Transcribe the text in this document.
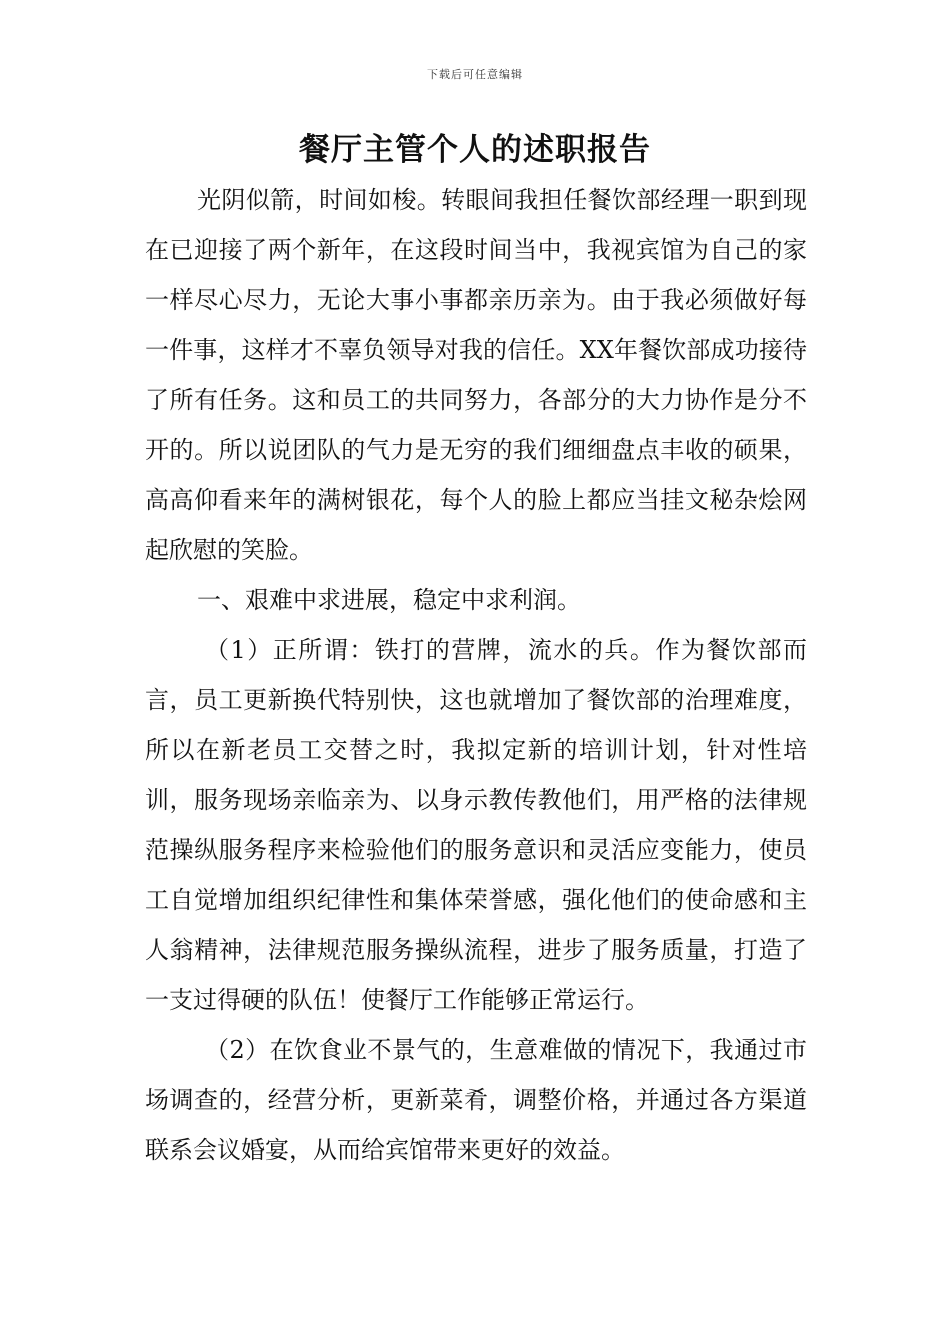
下载后可任意编辑
餐厅主管个人的述职报告

光阴似箭，时间如梭。转眼间我担任餐饮部经理一职到现在已迎接了两个新年，在这段时间当中，我视宾馆为自己的家一样尽心尽力，无论大事小事都亲历亲为。由于我必须做好每一件事，这样才不辜负领导对我的信任。XX年餐饮部成功接待了所有任务。这和员工的共同努力，各部分的大力协作是分不开的。所以说团队的气力是无穷的我们细细盘点丰收的硕果，高高仰看来年的满树银花，每个人的脸上都应当挂文秘杂烩网起欣慰的笑脸。

一、艰难中求进展，稳定中求利润。

（1）正所谓：铁打的营牌，流水的兵。作为餐饮部而言，员工更新换代特别快，这也就增加了餐饮部的治理难度，所以在新老员工交替之时，我拟定新的培训计划，针对性培训，服务现场亲临亲为、以身示教传教他们，用严格的法律规范操纵服务程序来检验他们的服务意识和灵活应变能力，使员工自觉增加组织纪律性和集体荣誉感，强化他们的使命感和主人翁精神，法律规范服务操纵流程，进步了服务质量，打造了一支过得硬的队伍！使餐厅工作能够正常运行。

（2）在饮食业不景气的，生意难做的情况下，我通过市场调查的，经营分析，更新菜肴，调整价格，并通过各方渠道联系会议婚宴，从而给宾馆带来更好的效益。
